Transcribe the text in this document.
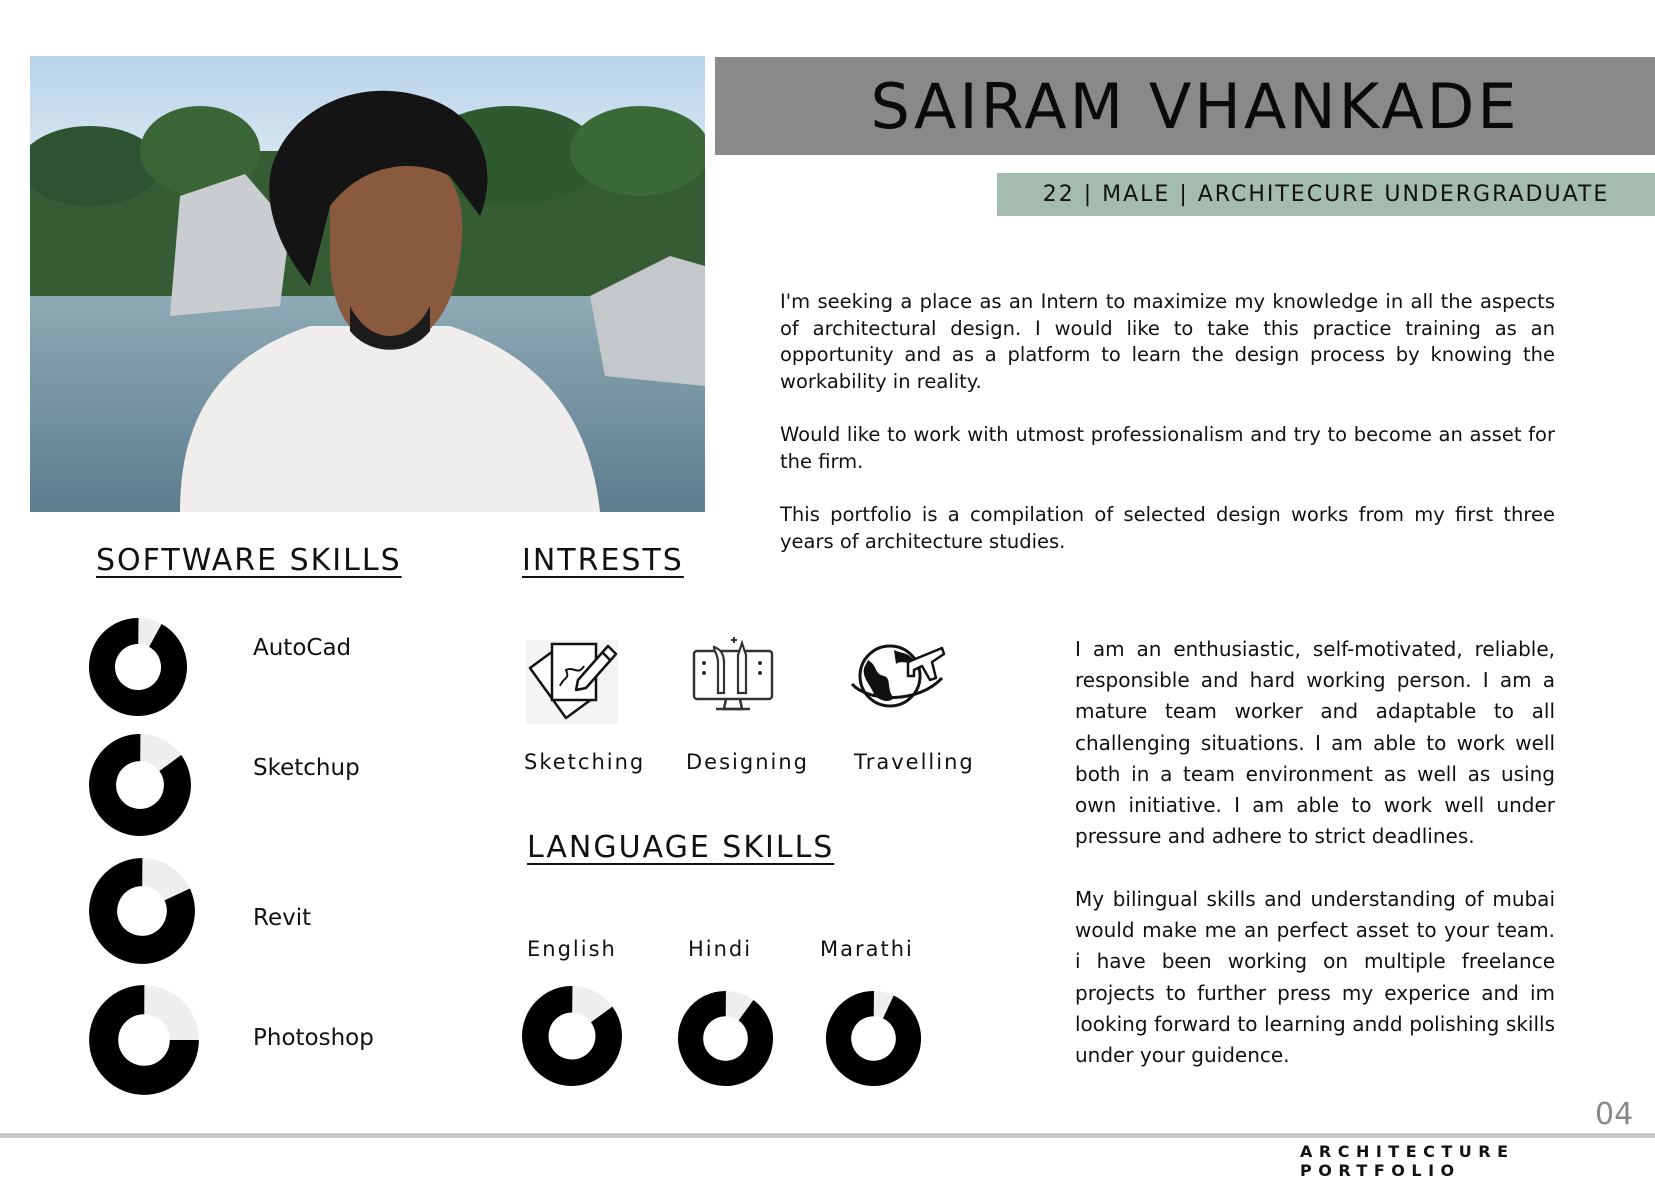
SAIRAM VHANKADE
22 | MALE | ARCHITECURE UNDERGRADUATE

I'm seeking a place as an Intern to maximize my knowledge in all the aspects of architectural design. I would like to take this practice training as an opportunity and as a platform to learn the design process by knowing the workability in reality.

Would like to work with utmost professionalism and try to become an asset for the firm.

This portfolio is a compilation of selected design works from my first three years of architecture studies.

I am an enthusiastic, self-motivated, reliable, responsible and hard working person. I am a mature team worker and adaptable to all challenging situations. I am able to work well both in a team environment as well as using own initiative. I am able to work well under pressure and adhere to strict deadlines.

My bilingual skills and understanding of mubai would make me an perfect asset to your team. i have been working on multiple freelance projects to further press my experice and im looking forward to learning andd polishing skills under your guidence.

SOFTWARE SKILLS	INTRESTS
LANGUAGE SKILLS
AutoCad
Sketchup
Revit
Photoshop
Sketching Designing Travelling
English	Hindi	Marathi
04
ARCHITECTURE PORTFOLIO
